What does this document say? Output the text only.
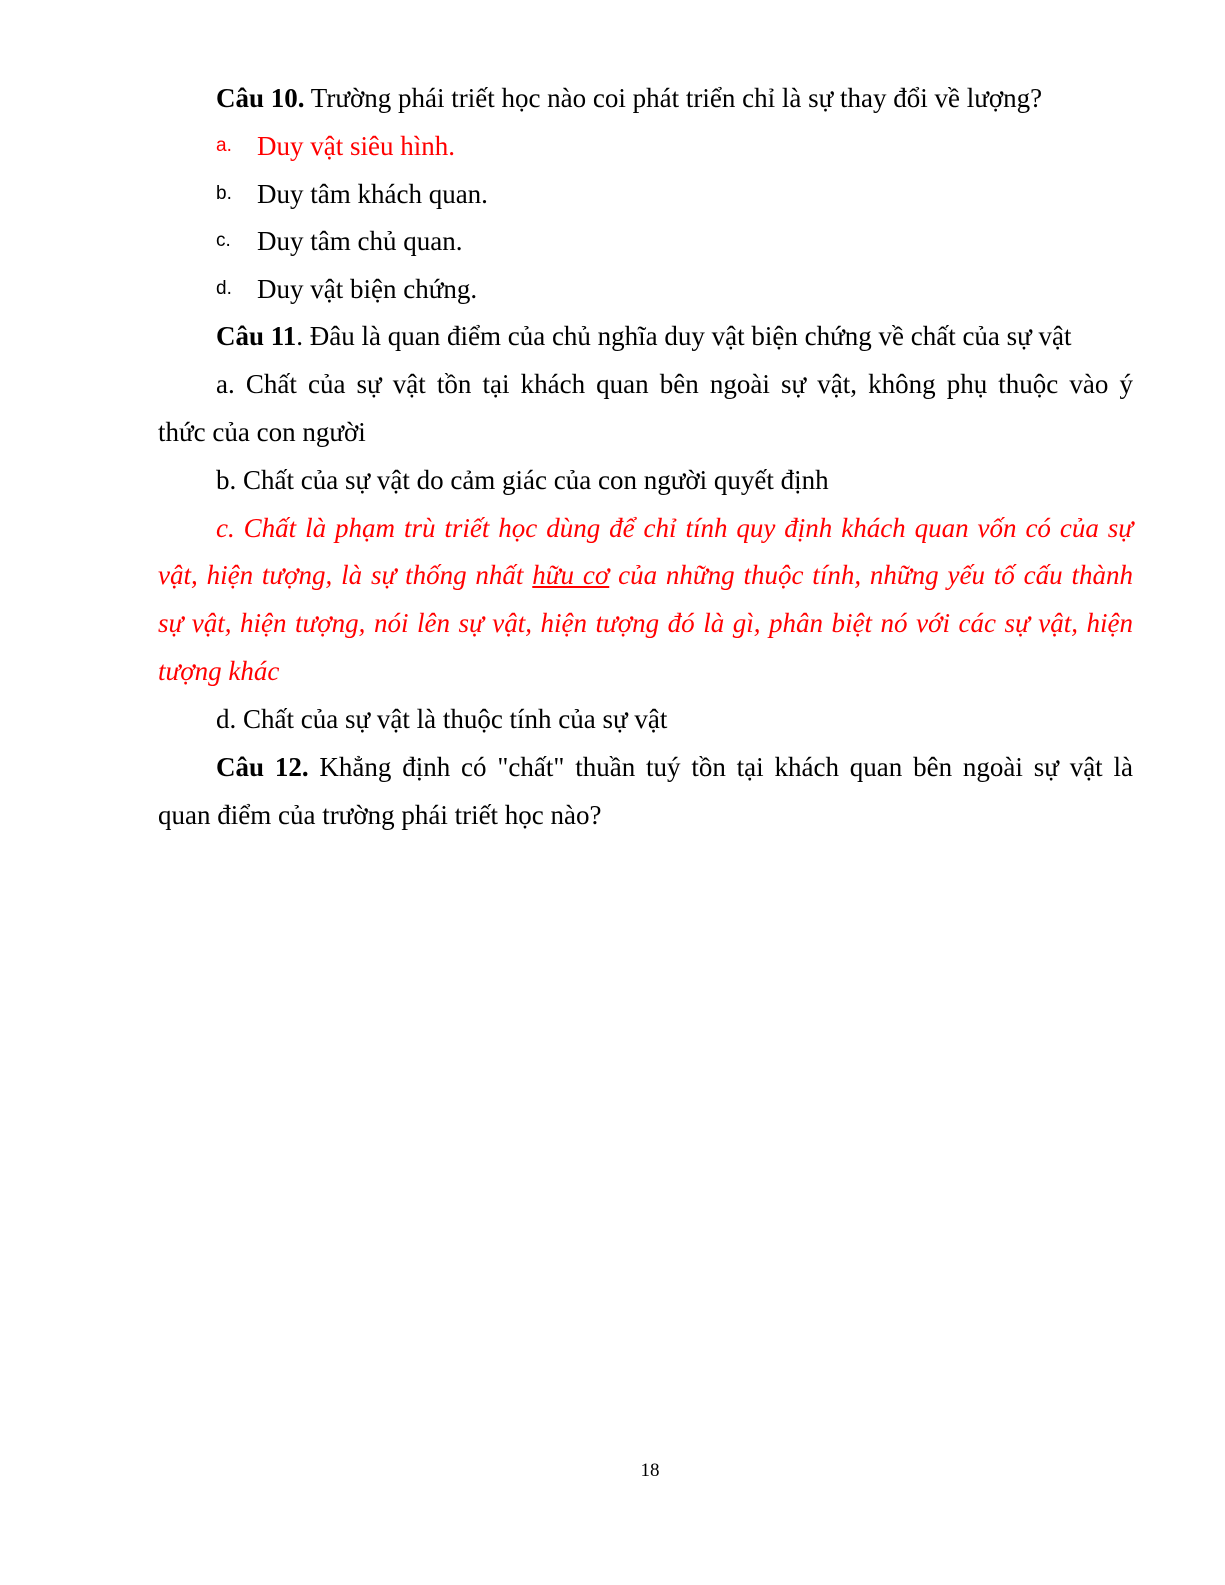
Câu 10. Trường phái triết học nào coi phát triển chỉ là sự thay đổi về lượng?
a. Duy vật siêu hình.
b. Duy tâm khách quan.
c. Duy tâm chủ quan.
d. Duy vật biện chứng.
Câu 11. Đâu là quan điểm của chủ nghĩa duy vật biện chứng về chất của sự vật
a. Chất của sự vật tồn tại khách quan bên ngoài sự vật, không phụ thuộc vào ý
thức của con người
b. Chất của sự vật do cảm giác của con người quyết định
c. Chất là phạm trù triết học dùng để chỉ tính quy định khách quan vốn có của sự
vật, hiện tượng, là sự thống nhất hữu cơ của những thuộc tính, những yếu tố cấu thành
sự vật, hiện tượng, nói lên sự vật, hiện tượng đó là gì, phân biệt nó với các sự vật, hiện
tượng khác
d. Chất của sự vật là thuộc tính của sự vật
Câu 12. Khẳng định có "chất" thuần tuý tồn tại khách quan bên ngoài sự vật là
quan điểm của trường phái triết học nào?
18
